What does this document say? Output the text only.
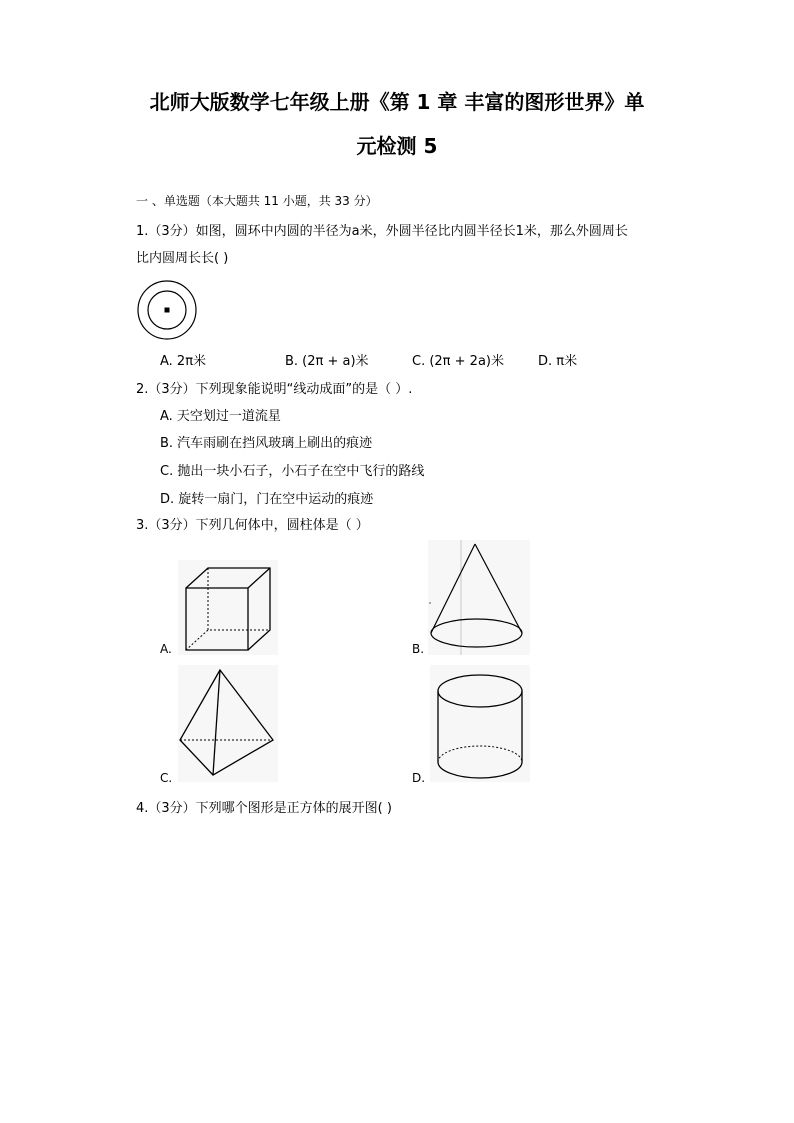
北师大版数学七年级上册《第 1 章 丰富的图形世界》单
元检测 5
一 、单选题（本大题共 11 小题，共 33 分）
1.（3分）如图，圆环中内圆的半径为a米，外圆半径比内圆半径长1米，那么外圆周长
比内圆周长长( )
A. 2π米	B. (2π + a)米	C. (2π + 2a)米	D. π米
2.（3分）下列现象能说明“线动成面”的是（ ）.
A. 天空划过一道流星
B. 汽车雨刷在挡风玻璃上刷出的痕迹
C. 抛出一块小石子，小石子在空中飞行的路线
D. 旋转一扇门，门在空中运动的痕迹
3.（3分）下列几何体中，圆柱体是（ ）
A.	B.
C.	D.
4.（3分）下列哪个图形是正方体的展开图( )
